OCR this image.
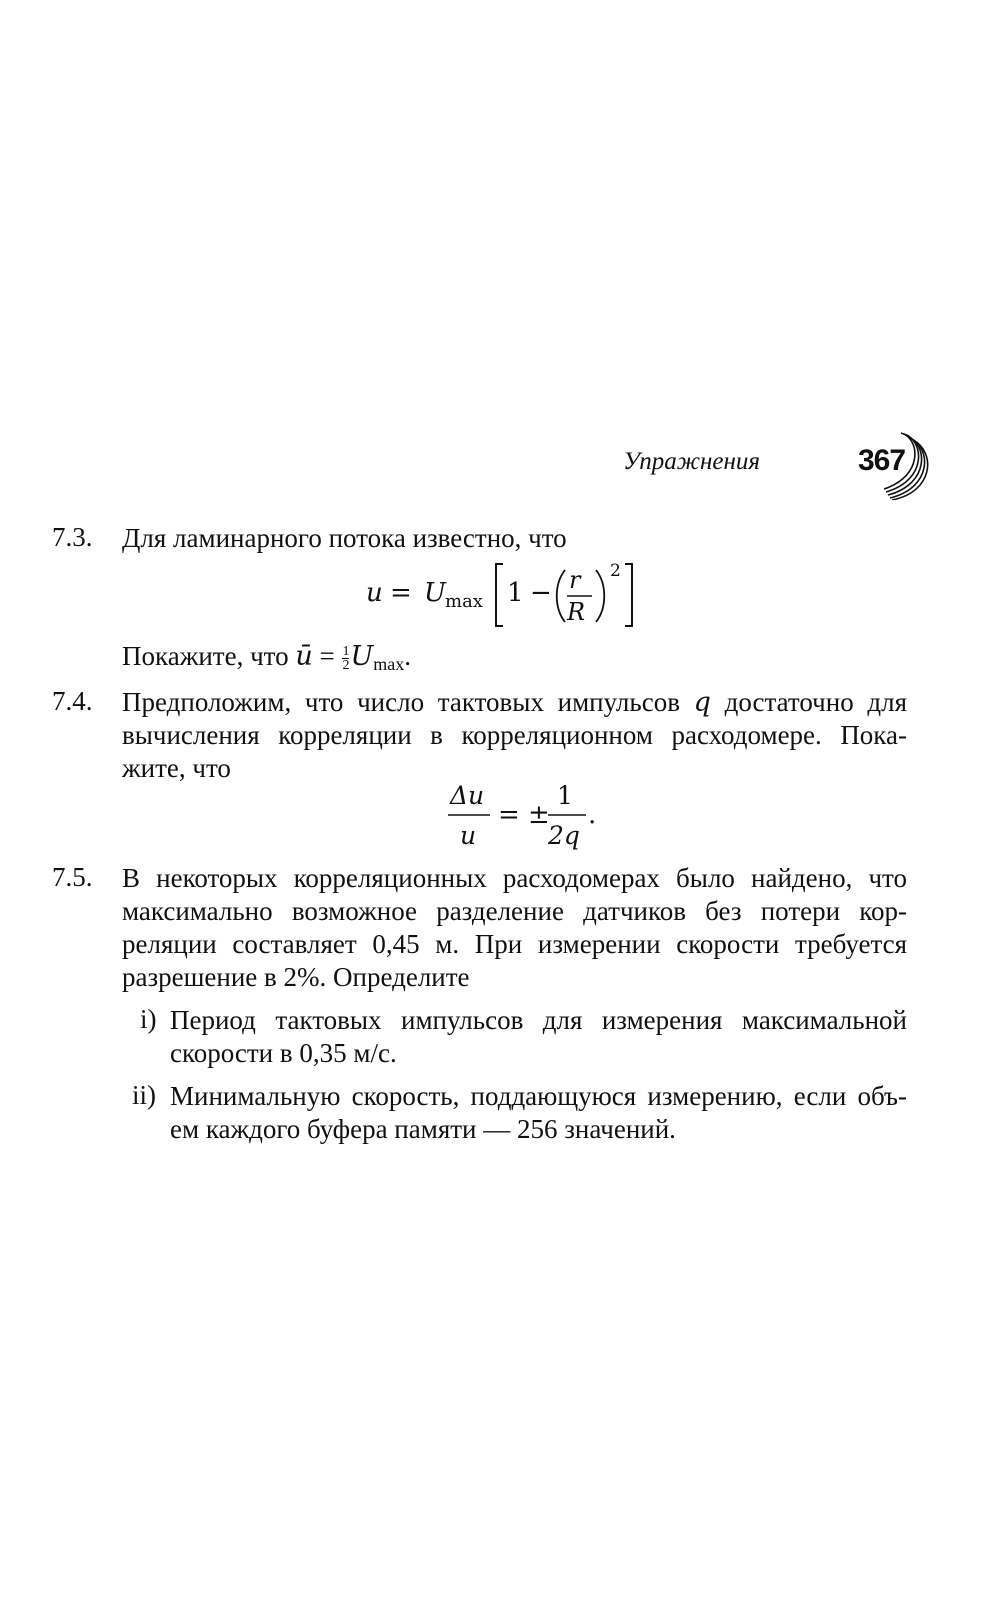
Упражнения	367
7.3. Для ламинарного потока известно, что
u = U max 1 − r
R
2
Покажите, что ū = $\frac{1}{2} Umax$.
7.4. Предположим, что число тактовых импульсов q достаточно для
вычисления корреляции в корреляционном расходомере. Пока-
жите, что
Δu
u
= ±
1
2q
.
7.5. В некоторых корреляционных расходомерах было найдено, что
максимально возможное разделение датчиков без потери кор-
реляции составляет 0,45 м. При измерении скорости требуется
разрешение в 2%. Определите
i) Период тактовых импульсов для измерения максимальной
скорости в 0,35 м/с.
ii) Минимальную скорость, поддающуюся измерению, если объ-
ем каждого буфера памяти — 256 значений.
